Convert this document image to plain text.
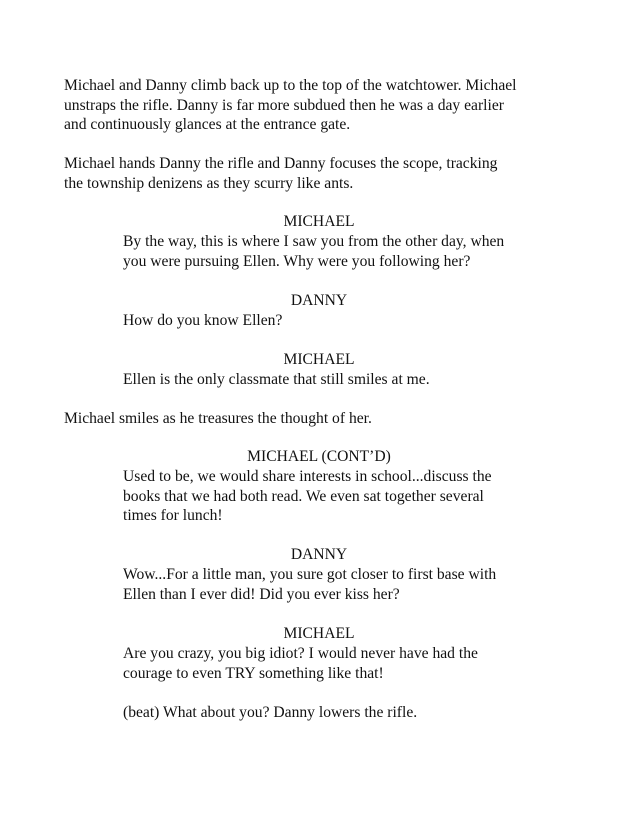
Michael and Danny climb back up to the top of the watchtower. Michael
unstraps the rifle. Danny is far more subdued then he was a day earlier
and continuously glances at the entrance gate.
Michael hands Danny the rifle and Danny focuses the scope, tracking
the township denizens as they scurry like ants.
MICHAEL
By the way, this is where I saw you from the other day, when
you were pursuing Ellen. Why were you following her?
DANNY
How do you know Ellen?
MICHAEL
Ellen is the only classmate that still smiles at me.
Michael smiles as he treasures the thought of her.
MICHAEL (CONT’D)
Used to be, we would share interests in school...discuss the
books that we had both read. We even sat together several
times for lunch!
DANNY
Wow...For a little man, you sure got closer to first base with
Ellen than I ever did! Did you ever kiss her?
MICHAEL
Are you crazy, you big idiot? I would never have had the
courage to even TRY something like that!
(beat) What about you? Danny lowers the rifle.
